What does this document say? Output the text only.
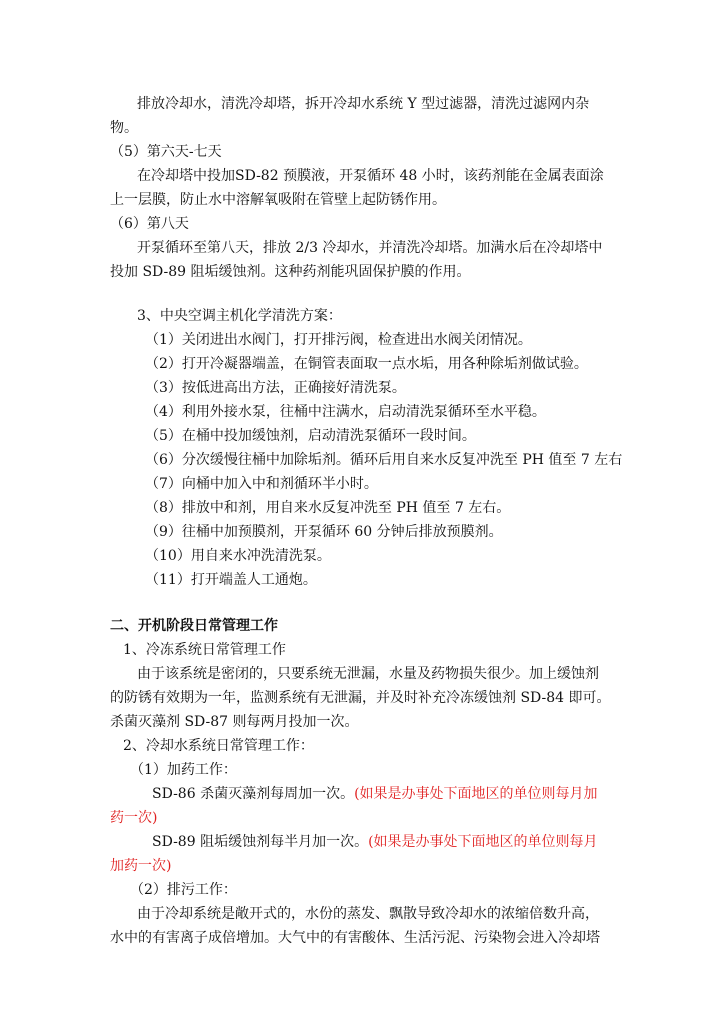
排放冷却水，清洗冷却塔，拆开冷却水系统 Y 型过滤器，清洗过滤网内杂
物。
（5）第六天-七天
在冷却塔中投加SD-82 预膜液，开泵循环 48 小时，该药剂能在金属表面涂
上一层膜，防止水中溶解氧吸附在管壁上起防锈作用。
（6）第八天
开泵循环至第八天，排放 2/3 冷却水，并清洗冷却塔。加满水后在冷却塔中
投加 SD-89 阻垢缓蚀剂。这种药剂能巩固保护膜的作用。
3、中央空调主机化学清洗方案：
（1）关闭进出水阀门，打开排污阀，检查进出水阀关闭情况。
（2）打开冷凝器端盖，在铜管表面取一点水垢，用各种除垢剂做试验。
（3）按低进高出方法，正确接好清洗泵。
（4）利用外接水泵，往桶中注满水，启动清洗泵循环至水平稳。
（5）在桶中投加缓蚀剂，启动清洗泵循环一段时间。
（6）分次缓慢往桶中加除垢剂。循环后用自来水反复冲洗至 PH 值至 7 左右
（7）向桶中加入中和剂循环半小时。
（8）排放中和剂，用自来水反复冲洗至 PH 值至 7 左右。
（9）往桶中加预膜剂，开泵循环 60 分钟后排放预膜剂。
（10）用自来水冲洗清洗泵。
（11）打开端盖人工通炮。
二、开机阶段日常管理工作
1、冷冻系统日常管理工作
由于该系统是密闭的，只要系统无泄漏，水量及药物损失很少。加上缓蚀剂
的防锈有效期为一年，监测系统有无泄漏，并及时补充冷冻缓蚀剂 SD-84 即可。
杀菌灭藻剂 SD-87 则每两月投加一次。
2、冷却水系统日常管理工作：
（1）加药工作：
SD-86 杀菌灭藻剂每周加一次。(如果是办事处下面地区的单位则每月加
药一次)
SD-89 阻垢缓蚀剂每半月加一次。(如果是办事处下面地区的单位则每月
加药一次)
（2）排污工作：
由于冷却系统是敞开式的，水份的蒸发、飘散导致冷却水的浓缩倍数升高，
水中的有害离子成倍增加。大气中的有害酸体、生活污泥、污染物会进入冷却塔
